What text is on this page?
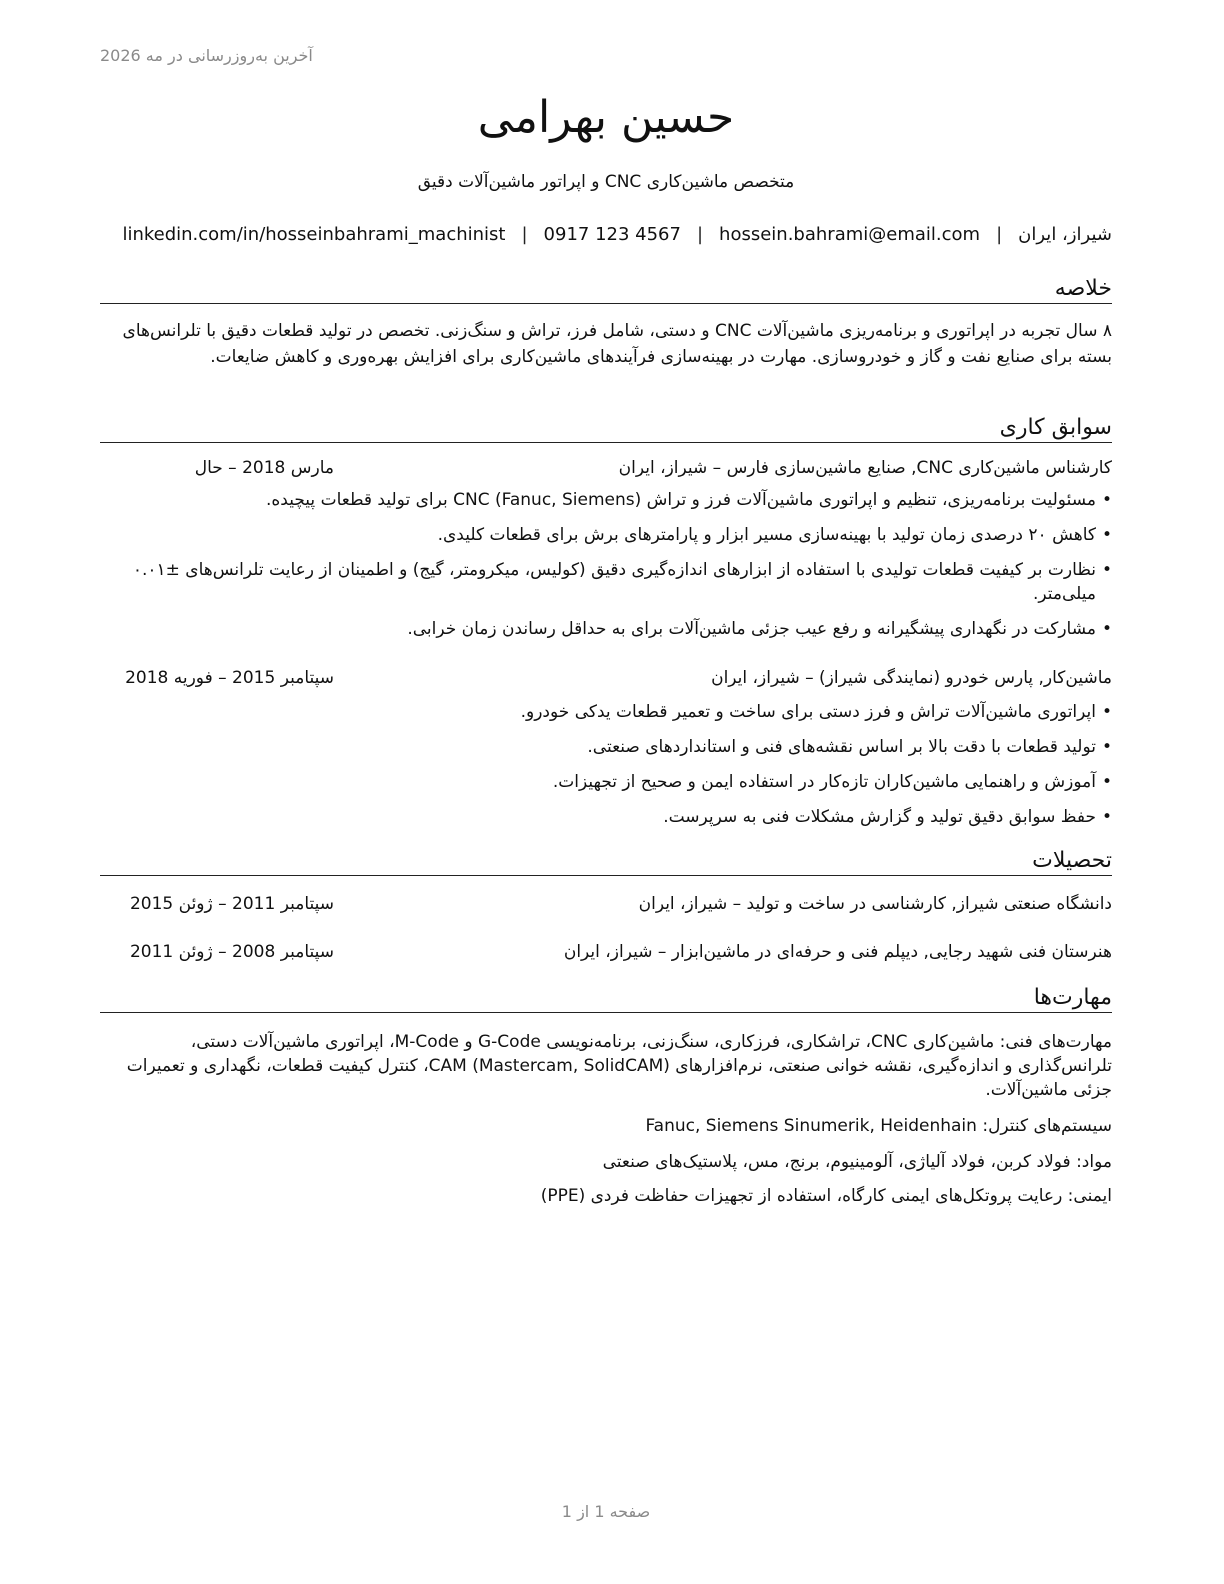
آخرین به‌روزرسانی در مه 2026
حسین بهرامی
متخصص ماشین‌کاری CNC و اپراتور ماشین‌آلات دقیق
شیراز، ایران
|
hossein.bahrami@email.com
|
0917 123 4567
|
linkedin.com/in/hosseinbahrami_machinist
خلاصه
۸ سال تجربه در اپراتوری و برنامه‌ریزی ماشین‌آلات CNC و دستی، شامل فرز، تراش و سنگ‌زنی. تخصص در تولید قطعات دقیق با تلرانس‌های بسته برای صنایع نفت و گاز و خودروسازی. مهارت در بهینه‌سازی فرآیندهای ماشین‌کاری برای افزایش بهره‌وری و کاهش ضایعات.
سوابق کاری
کارشناس ماشین‌کاری CNC, صنایع ماشین‌سازی فارس – شیراز، ایران
مارس 2018 – حال
•
مسئولیت برنامه‌ریزی، تنظیم و اپراتوری ماشین‌آلات فرز و تراش CNC (Fanuc, Siemens) برای تولید قطعات پیچیده.
•
کاهش ۲۰ درصدی زمان تولید با بهینه‌سازی مسیر ابزار و پارامترهای برش برای قطعات کلیدی.
•
نظارت بر کیفیت قطعات تولیدی با استفاده از ابزارهای اندازه‌گیری دقیق (کولیس، میکرومتر، گیج) و اطمینان از رعایت تلرانس‌های ±۰.۰۱ میلی‌متر.
•
مشارکت در نگهداری پیشگیرانه و رفع عیب جزئی ماشین‌آلات برای به حداقل رساندن زمان خرابی.
ماشین‌کار, پارس خودرو (نمایندگی شیراز) – شیراز، ایران
سپتامبر 2015 – فوریه 2018
•
اپراتوری ماشین‌آلات تراش و فرز دستی برای ساخت و تعمیر قطعات یدکی خودرو.
•
تولید قطعات با دقت بالا بر اساس نقشه‌های فنی و استانداردهای صنعتی.
•
آموزش و راهنمایی ماشین‌کاران تازه‌کار در استفاده ایمن و صحیح از تجهیزات.
•
حفظ سوابق دقیق تولید و گزارش مشکلات فنی به سرپرست.
تحصیلات
دانشگاه صنعتی شیراز, کارشناسی در ساخت و تولید – شیراز، ایران
سپتامبر 2011 – ژوئن 2015
هنرستان فنی شهید رجایی, دیپلم فنی و حرفه‌ای در ماشین‌ابزار – شیراز، ایران
سپتامبر 2008 – ژوئن 2011
مهارت‌ها
مهارت‌های فنی: ماشین‌کاری CNC، تراشکاری، فرزکاری، سنگ‌زنی، برنامه‌نویسی G-Code و M-Code، اپراتوری ماشین‌آلات دستی، تلرانس‌گذاری و اندازه‌گیری، نقشه خوانی صنعتی، نرم‌افزارهای CAM (Mastercam, SolidCAM)، کنترل کیفیت قطعات، نگهداری و تعمیرات جزئی ماشین‌آلات.
سیستم‌های کنترل: Fanuc, Siemens Sinumerik, Heidenhain
مواد: فولاد کربن، فولاد آلیاژی، آلومینیوم، برنج، مس، پلاستیک‌های صنعتی
ایمنی: رعایت پروتکل‌های ایمنی کارگاه، استفاده از تجهیزات حفاظت فردی (PPE)
صفحه 1 از 1
